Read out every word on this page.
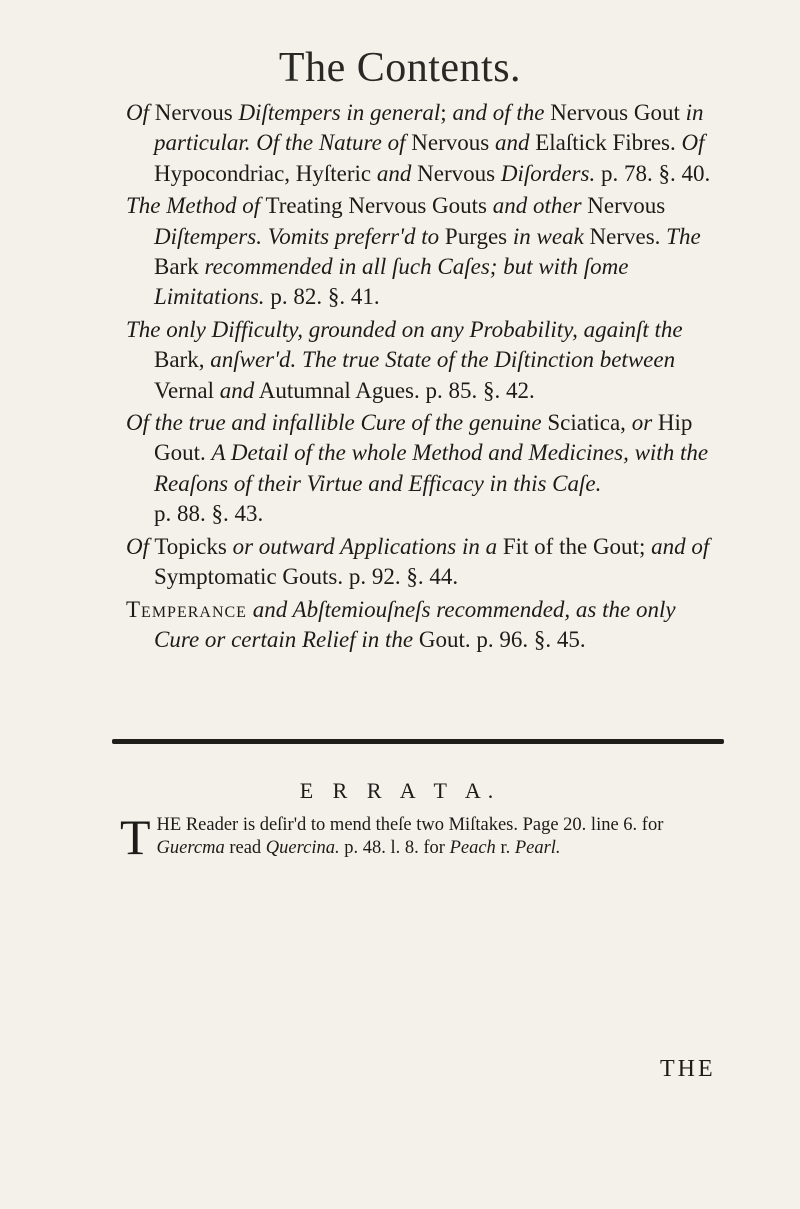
The Contents.

Of Nervous Diſtempers in general; and of the Nervous Gout in particular. Of the Nature of Nervous and Elaſtick Fibres. Of Hypocondriac, Hyſteric and Nervous Diſorders. p. 78. §. 40.

The Method of Treating Nervous Gouts and other Nervous Diſtempers. Vomits preferr'd to Purges in weak Nerves. The Bark recommended in all ſuch Caſes; but with ſome Limitations. p. 82. §. 41.

The only Difficulty, grounded on any Probability, againſt the Bark, anſwer'd. The true State of the Diſtinction between Vernal and Autumnal Agues. p. 85. §. 42.

Of the true and infallible Cure of the genuine Sciatica, or Hip Gout. A Detail of the whole Method and Medicines, with the Reaſons of their Virtue and Efficacy in this Caſe. p. 88. §. 43.

Of Topicks or outward Applications in a Fit of the Gout; and of Symptomatic Gouts. p. 92. §. 44.

Temperance and Abſtemiouſneſs recommended, as the only Cure or certain Relief in the Gout. p. 96. §. 45.

E R R A T A.
T HE Reader is deſir'd to mend theſe two Miſtakes. Page 20. line 6. for Guercma read Quercina. p. 48. l. 8. for Peach r. Pearl.
THE
